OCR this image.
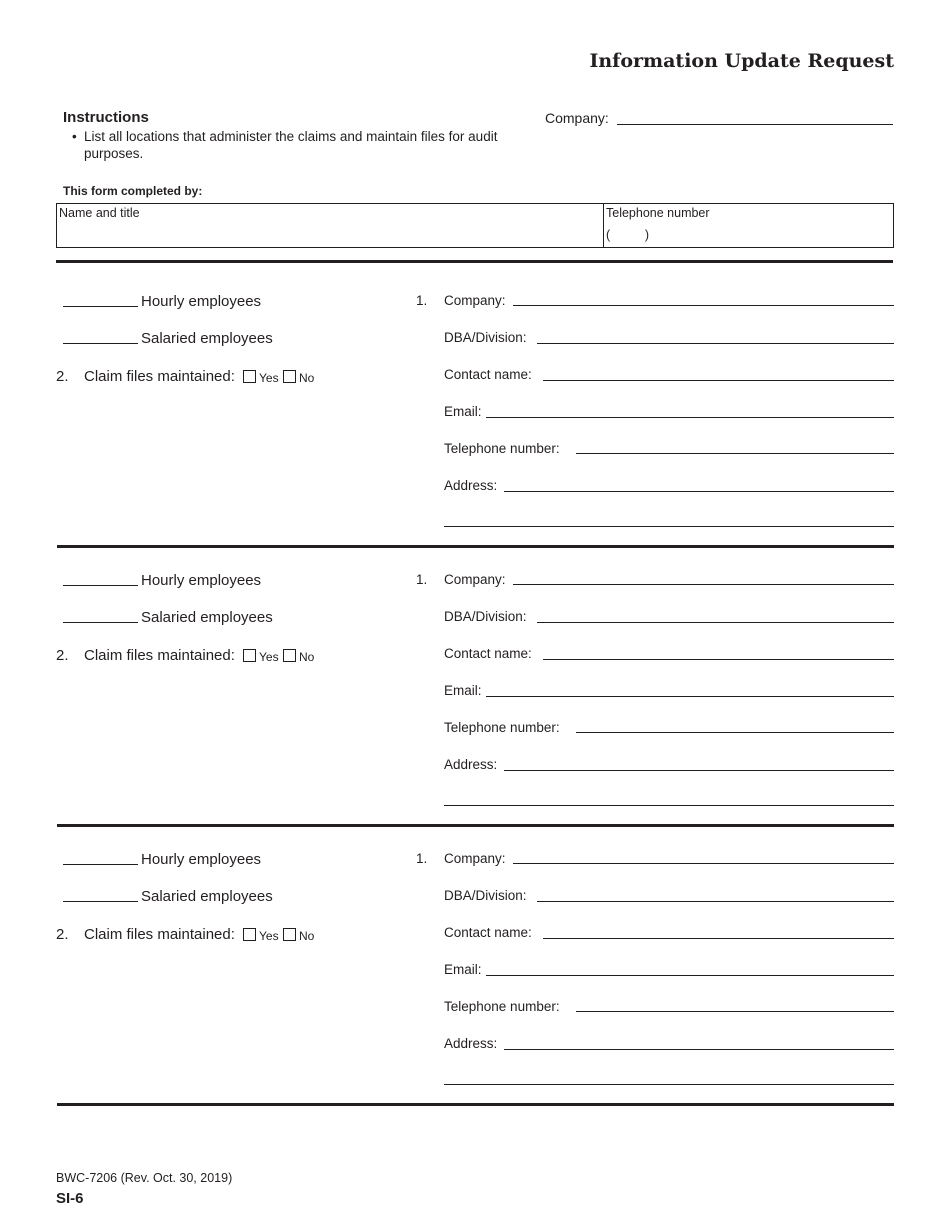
Information Update Request
Instructions
• List all locations that administer the claims and maintain files for audit purposes.
Company:
This form completed by:
Name and title	Telephone number
(          )
Hourly employees
Salaried employees
2. Claim files maintained: Yes No
1. Company:
DBA/Division:
Contact name:
Email:
Telephone number:
Address:
Hourly employees
Salaried employees
2. Claim files maintained: Yes No
1. Company:
DBA/Division:
Contact name:
Email:
Telephone number:
Address:
Hourly employees
Salaried employees
2. Claim files maintained: Yes No
1. Company:
DBA/Division:
Contact name:
Email:
Telephone number:
Address:
BWC-7206 (Rev. Oct. 30, 2019)
SI-6
